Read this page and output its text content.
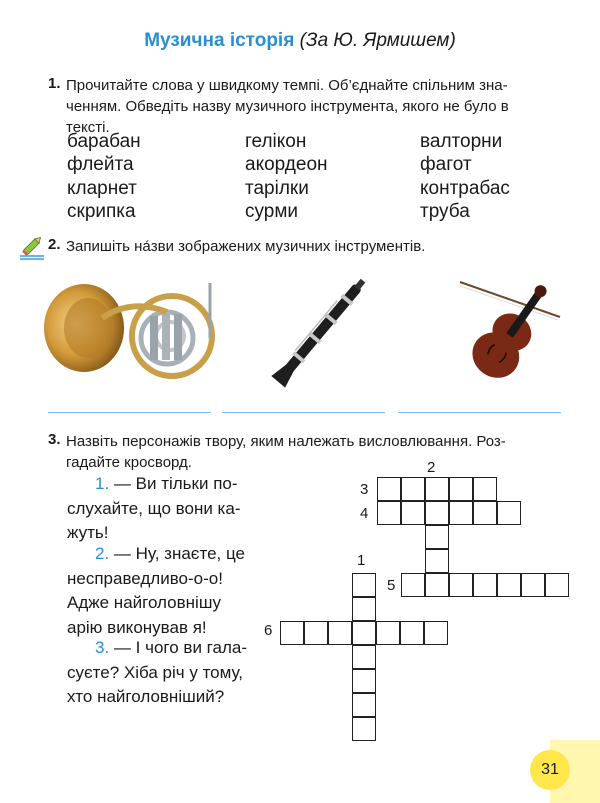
Музична історія (За Ю. Ярмишем)
1. Прочитайте слова у швидкому темпі. Об’єднайте спільним зна-
ченням. Обведіть назву музичного інструмента, якого не було в
тексті.
барабан	гелікон	валторни
флейта	акордеон	фагот
кларнет	тарілки	контрабас
скрипка	сурми	труба
2. Запишіть на́зви зображених музичних інструментів.
3. Назвіть персонажів твору, яким належать висловлювання. Роз-
гадайте кросворд.
1. — Ви тільки по-
слухайте, що вони ка-
жуть!
2. — Ну, знаєте, це
несправедливо-о-о!
Адже найголовнішу
арію виконував я!
3. — І чого ви гала-
суєте? Хіба річ у тому,
хто найголовніший?
2
3
4
1
5
6
31
